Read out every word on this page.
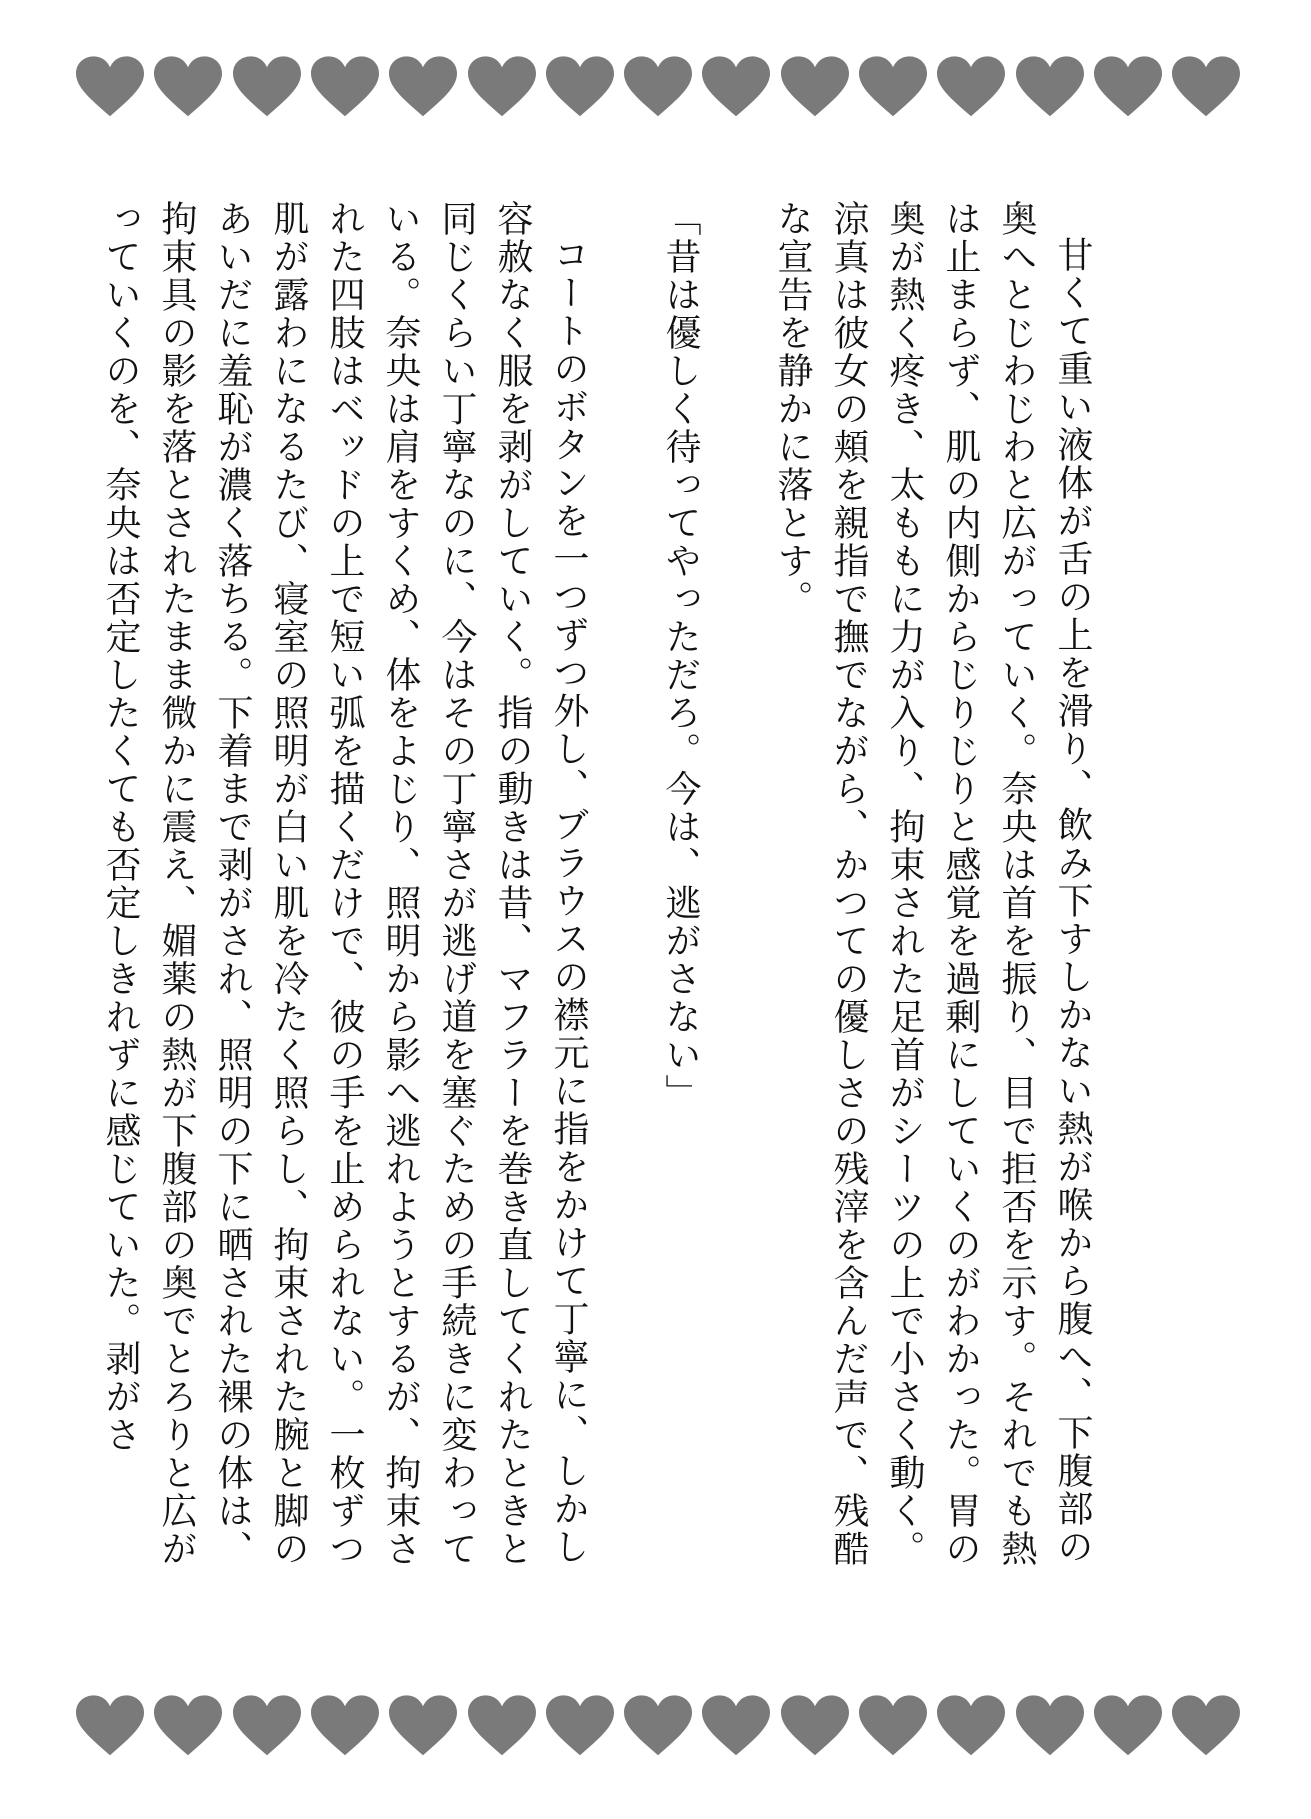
甘くて重い液体が舌の上を滑り、飲み下すしかない熱が喉から腹へ、下腹部の奥へとじわじわと広がっていく。奈央は首を振り、目で拒否を示す。それでも熱は止まらず、肌の内側からじりじりと感覚を過剰にしていくのがわかった。胃の奥が熱く疼き、太ももに力が入り、拘束された足首がシーツの上で小さく動く。涼真は彼女の頬を親指で撫でながら、かつての優しさの残滓を含んだ声で、残酷な宣告を静かに落とす。

「昔は優しく待ってやっただろ。今は、逃がさない」

コートのボタンを一つずつ外し、ブラウスの襟元に指をかけて丁寧に、しかし容赦なく服を剥がしていく。指の動きは昔、マフラーを巻き直してくれたときと同じくらい丁寧なのに、今はその丁寧さが逃げ道を塞ぐための手続きに変わっている。奈央は肩をすくめ、体をよじり、照明から影へ逃れようとするが、拘束された四肢はベッドの上で短い弧を描くだけで、彼の手を止められない。一枚ずつ肌が露わになるたび、寝室の照明が白い肌を冷たく照らし、拘束された腕と脚のあいだに羞恥が濃く落ちる。下着まで剥がされ、照明の下に晒された裸の体は、拘束具の影を落とされたまま微かに震え、媚薬の熱が下腹部の奥でとろりと広がっていくのを、奈央は否定したくても否定しきれずに感じていた。剥がさ
